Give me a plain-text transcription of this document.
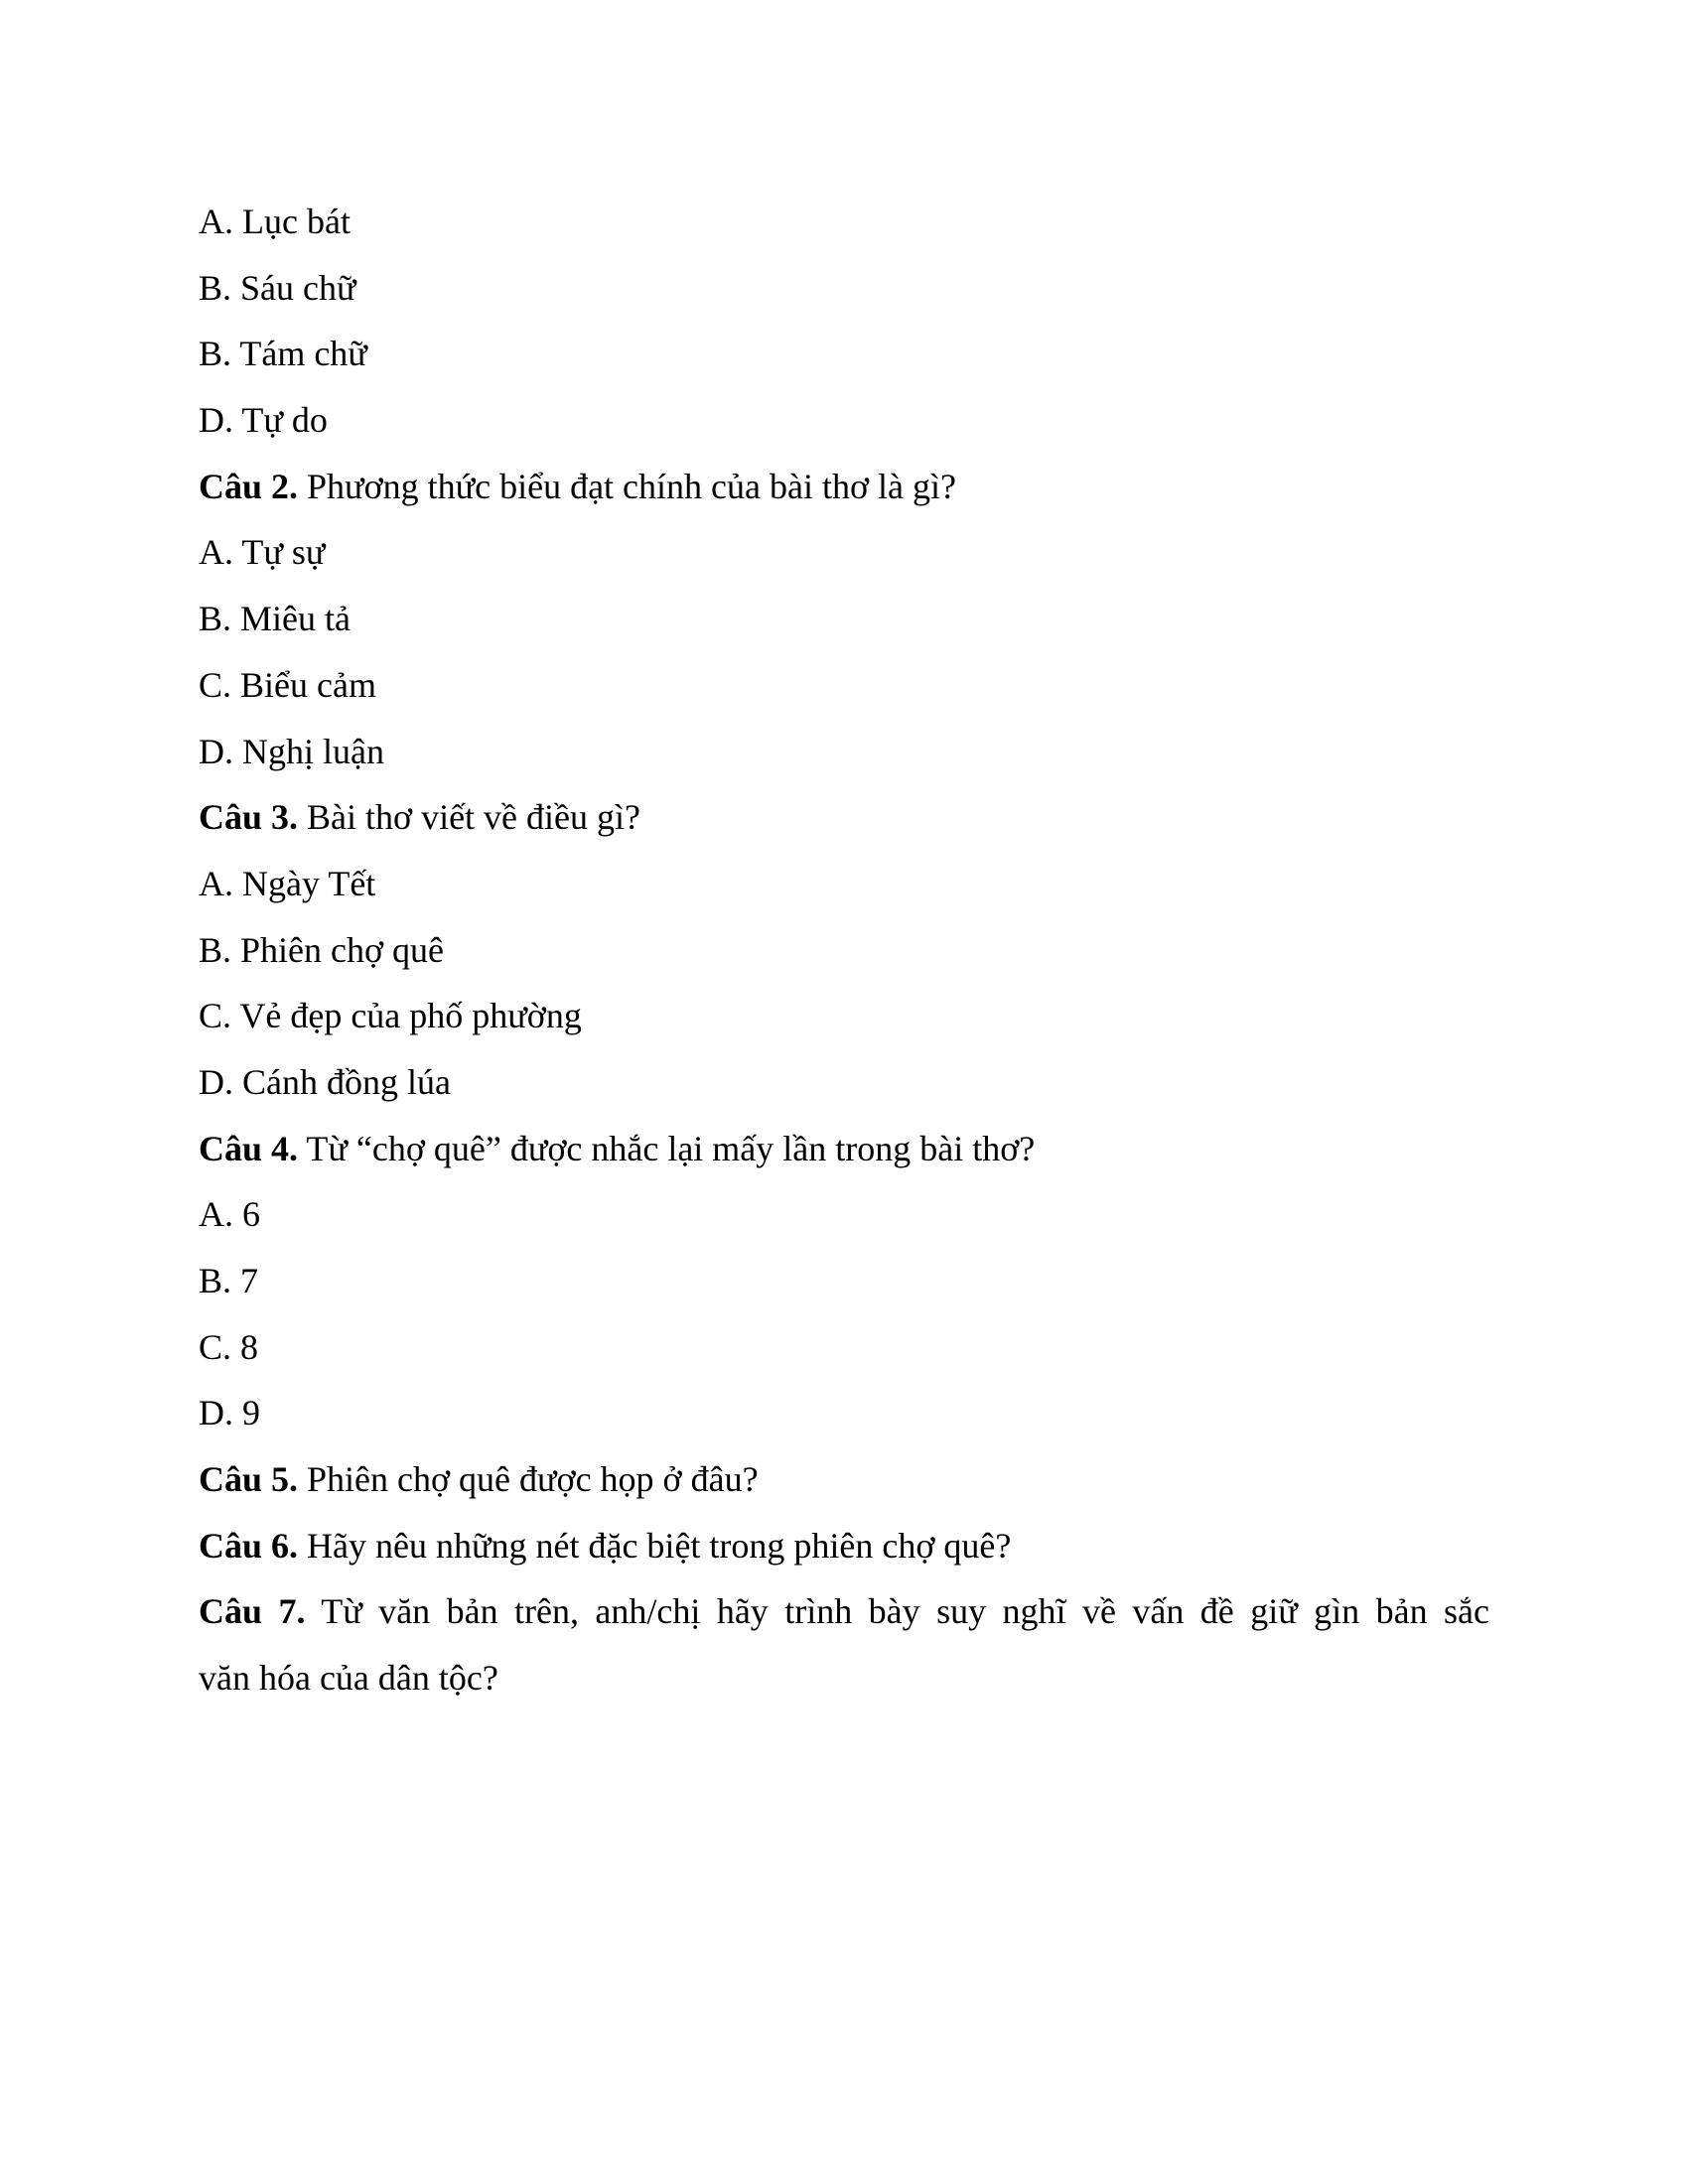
A. Lục bát
B. Sáu chữ
B. Tám chữ
D. Tự do
Câu 2. Phương thức biểu đạt chính của bài thơ là gì?
A. Tự sự
B. Miêu tả
C. Biểu cảm
D. Nghị luận
Câu 3. Bài thơ viết về điều gì?
A. Ngày Tết
B. Phiên chợ quê
C. Vẻ đẹp của phố phường
D. Cánh đồng lúa
Câu 4. Từ “chợ quê” được nhắc lại mấy lần trong bài thơ?
A. 6
B. 7
C. 8
D. 9
Câu 5. Phiên chợ quê được họp ở đâu?
Câu 6. Hãy nêu những nét đặc biệt trong phiên chợ quê?
Câu 7. Từ văn bản trên, anh/chị hãy trình bày suy nghĩ về vấn đề giữ gìn bản sắc
văn hóa của dân tộc?
